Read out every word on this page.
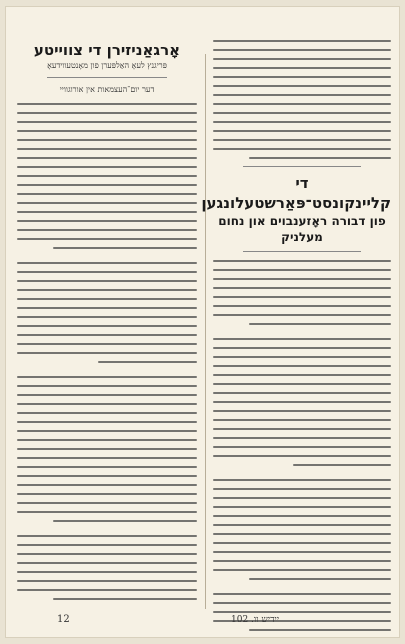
אָרגאַניזירן די צווייטע

פּריגנץ לעאָ האַלפּערן פון מאָנטעווידעאָ

דער יום־העצמאות אין אורוגוויי

די קליינקונסט־פּאַרשטעלונגען

פון דבורה ראָזענבוים און נחום מעלניק

12	יידיש וו. 102
